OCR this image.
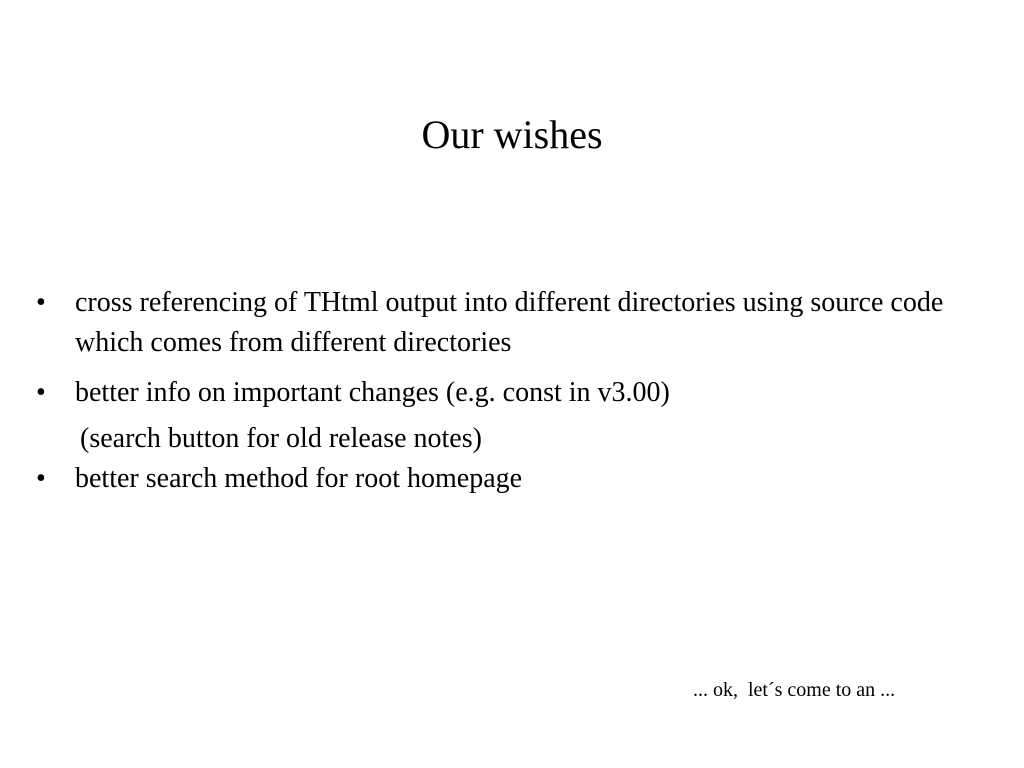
Our wishes
• cross referencing of THtml output into different directories using source code which comes from different directories
• better info on important changes (e.g. const in v3.00)
(search button for old release notes)
• better search method for root homepage
... ok,  let´s come to an ...
